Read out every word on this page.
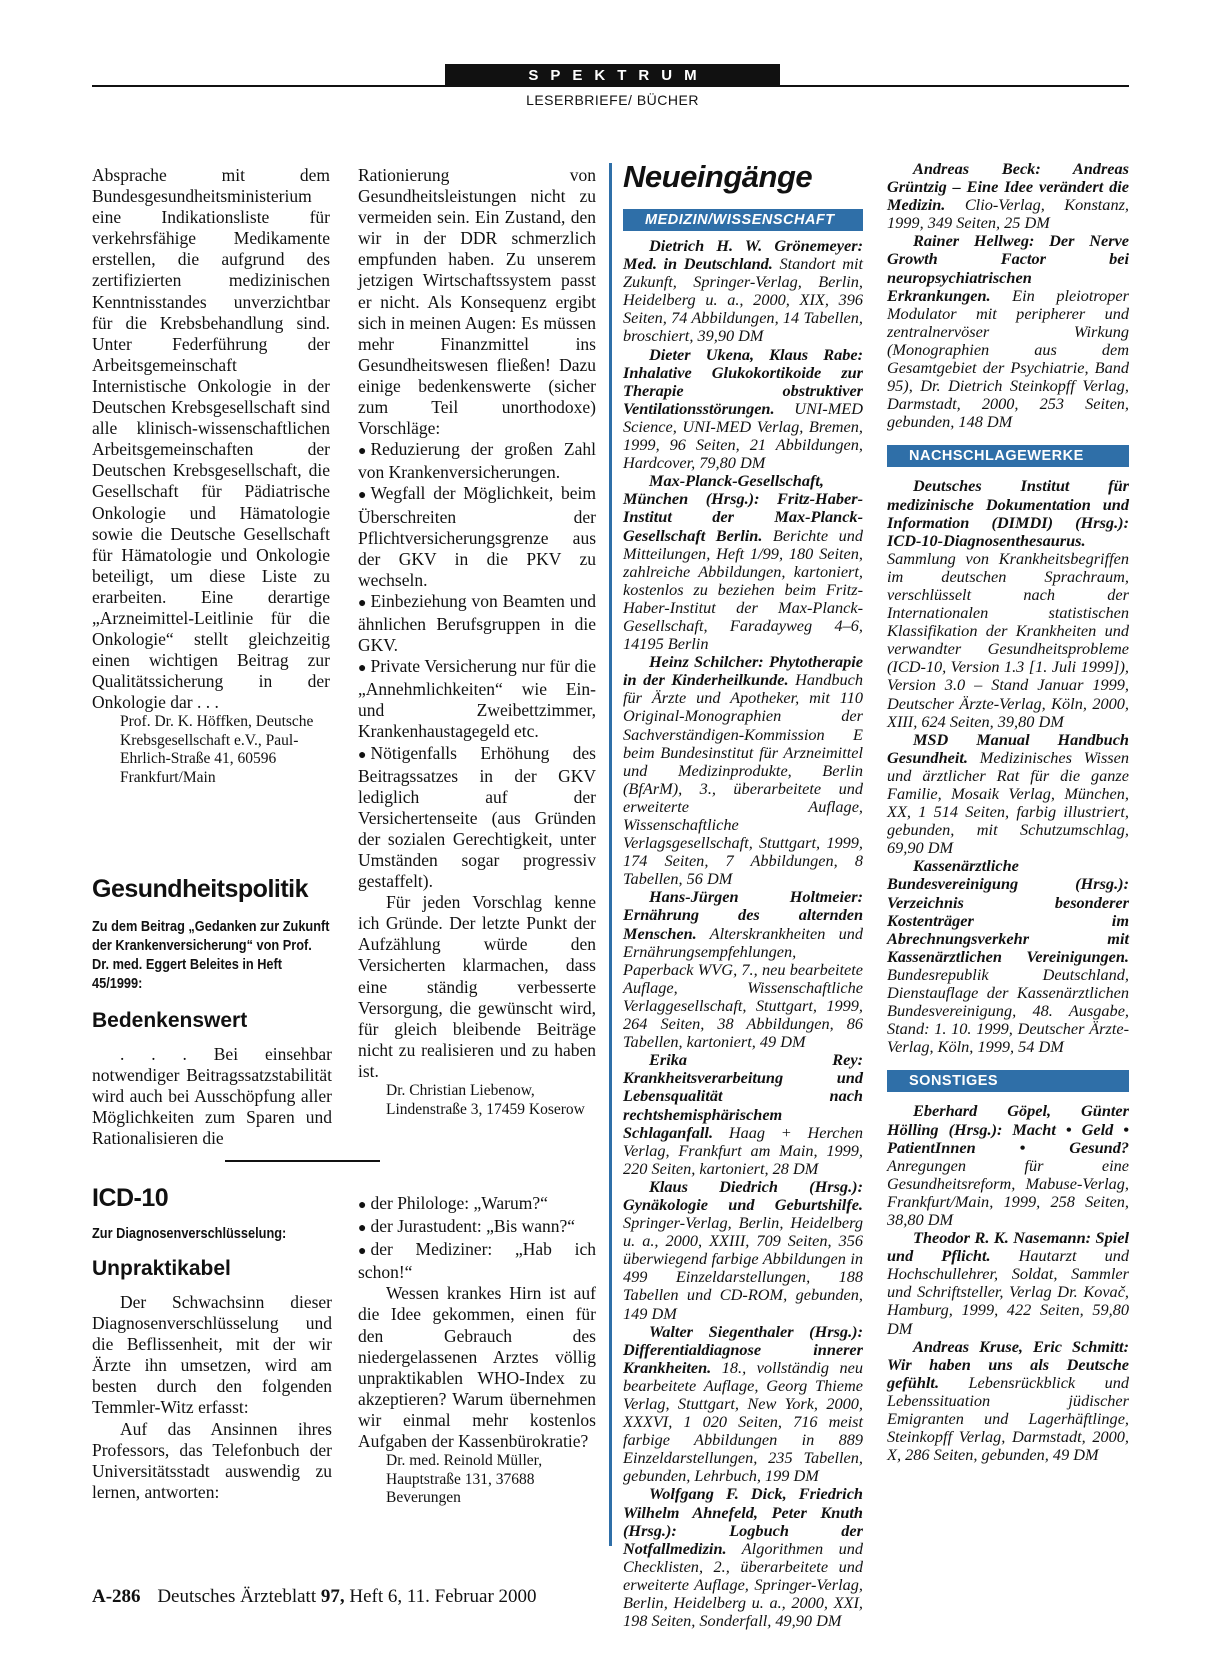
SPEKTRUM
LESERBRIEFE/ BÜCHER

Absprache mit dem Bundesgesundheitsministerium eine Indikationsliste für verkehrsfähige Medikamente erstellen, die aufgrund des zertifizierten medizinischen Kenntnisstandes unverzichtbar für die Krebsbehandlung sind. Unter Federführung der Arbeitsgemeinschaft Internistische Onkologie in der Deutschen Krebsgesellschaft sind alle klinisch-wissenschaftlichen Arbeitsgemeinschaften der Deutschen Krebsgesellschaft, die Gesellschaft für Pädiatrische Onkologie und Hämatologie sowie die Deutsche Gesellschaft für Hämatologie und Onkologie beteiligt, um diese Liste zu erarbeiten. Eine derartige „Arzneimittel-Leitlinie für die Onkologie“ stellt gleichzeitig einen wichtigen Beitrag zur Qualitätssicherung in der Onkologie dar . . .

Prof. Dr. K. Höffken, Deutsche Krebsgesellschaft e.V., Paul-Ehrlich-Straße 41, 60596 Frankfurt/Main

Gesundheitspolitik
Zu dem Beitrag „Gedanken zur Zukunft der Krankenversicherung“ von Prof. Dr. med. Eggert Beleites in Heft 45/1999:
Bedenkenswert

. . . Bei einsehbar notwendiger Beitragssatzstabilität wird auch bei Ausschöpfung aller Möglichkeiten zum Sparen und Rationalisieren die

Rationierung von Gesundheitsleistungen nicht zu vermeiden sein. Ein Zustand, den wir in der DDR schmerzlich empfunden haben. Zu unserem jetzigen Wirtschaftssystem passt er nicht. Als Konsequenz ergibt sich in meinen Augen: Es müssen mehr Finanzmittel ins Gesundheitswesen fließen! Dazu einige bedenkenswerte (sicher zum Teil unorthodoxe) Vorschläge:

● Reduzierung der großen Zahl von Krankenversicherungen.

● Wegfall der Möglichkeit, beim Überschreiten der Pflichtversicherungsgrenze aus der GKV in die PKV zu wechseln.

● Einbeziehung von Beamten und ähnlichen Berufsgruppen in die GKV.

● Private Versicherung nur für die „Annehmlichkeiten“ wie Ein- und Zweibettzimmer, Krankenhaustagegeld etc.

● Nötigenfalls Erhöhung des Beitragssatzes in der GKV lediglich auf der Versichertenseite (aus Gründen der sozialen Gerechtigkeit, unter Umständen sogar progressiv gestaffelt).

Für jeden Vorschlag kenne ich Gründe. Der letzte Punkt der Aufzählung würde den Versicherten klarmachen, dass eine ständig verbesserte Versorgung, die gewünscht wird, für gleich bleibende Beiträge nicht zu realisieren und zu haben ist.

Dr. Christian Liebenow, Lindenstraße 3, 17459 Koserow

ICD-10
Zur Diagnosenverschlüsselung:
Unpraktikabel

Der Schwachsinn dieser Diagnosenverschlüsselung und die Beflissenheit, mit der wir Ärzte ihn umsetzen, wird am besten durch den folgenden Temmler-Witz erfasst:

Auf das Ansinnen ihres Professors, das Telefonbuch der Universitätsstadt auswendig zu lernen, antworten:

● der Philologe: „Warum?“

● der Jurastudent: „Bis wann?“

● der Mediziner: „Hab ich schon!“

Wessen krankes Hirn ist auf die Idee gekommen, einen für den Gebrauch des niedergelassenen Arztes völlig unpraktikablen WHO-Index zu akzeptieren? Warum übernehmen wir einmal mehr kostenlos Aufgaben der Kassenbürokratie?

Dr. med. Reinold Müller, Hauptstraße 131, 37688 Beverungen

Neueingänge
MEDIZIN/WISSENSCHAFT

Dietrich H. W. Grönemeyer: Med. in Deutschland. Standort mit Zukunft, Springer-Verlag, Berlin, Heidelberg u. a., 2000, XIX, 396 Seiten, 74 Abbildungen, 14 Tabellen, broschiert, 39,90 DM

Dieter Ukena, Klaus Rabe: Inhalative Glukokortikoide zur Therapie obstruktiver Ventilationsstörungen. UNI-MED Science, UNI-MED Verlag, Bremen, 1999, 96 Seiten, 21 Abbildungen, Hardcover, 79,80 DM

Max-Planck-Gesellschaft, München (Hrsg.): Fritz-Haber-Institut der Max-Planck-Gesellschaft Berlin. Berichte und Mitteilungen, Heft 1/99, 180 Seiten, zahlreiche Abbildungen, kartoniert, kostenlos zu beziehen beim Fritz-Haber-Institut der Max-Planck-Gesellschaft, Faradayweg 4–6, 14195 Berlin

Heinz Schilcher: Phytotherapie in der Kinderheilkunde. Handbuch für Ärzte und Apotheker, mit 110 Original-Monographien der Sachverständigen-Kommission E beim Bundesinstitut für Arzneimittel und Medizinprodukte, Berlin (BfArM), 3., überarbeitete und erweiterte Auflage, Wissenschaftliche Verlagsgesellschaft, Stuttgart, 1999, 174 Seiten, 7 Abbildungen, 8 Tabellen, 56 DM

Hans-Jürgen Holtmeier: Ernährung des alternden Menschen. Alterskrankheiten und Ernährungsempfehlungen, Paperback WVG, 7., neu bearbeitete Auflage, Wissenschaftliche Verlaggesellschaft, Stuttgart, 1999, 264 Seiten, 38 Abbildungen, 86 Tabellen, kartoniert, 49 DM

Erika Rey: Krankheitsverarbeitung und Lebensqualität nach rechtshemisphärischem Schlaganfall. Haag + Herchen Verlag, Frankfurt am Main, 1999, 220 Seiten, kartoniert, 28 DM

Klaus Diedrich (Hrsg.): Gynäkologie und Geburtshilfe. Springer-Verlag, Berlin, Heidelberg u. a., 2000, XXIII, 709 Seiten, 356 überwiegend farbige Abbildungen in 499 Einzeldarstellungen, 188 Tabellen und CD-ROM, gebunden, 149 DM

Walter Siegenthaler (Hrsg.): Differentialdiagnose innerer Krankheiten. 18., vollständig neu bearbeitete Auflage, Georg Thieme Verlag, Stuttgart, New York, 2000, XXXVI, 1 020 Seiten, 716 meist farbige Abbildungen in 889 Einzeldarstellungen, 235 Tabellen, gebunden, Lehrbuch, 199 DM

Wolfgang F. Dick, Friedrich Wilhelm Ahnefeld, Peter Knuth (Hrsg.): Logbuch der Notfallmedizin. Algorithmen und Checklisten, 2., überarbeitete und erweiterte Auflage, Springer-Verlag, Berlin, Heidelberg u. a., 2000, XXI, 198 Seiten, Sonderfall, 49,90 DM

Andreas Beck: Andreas Grüntzig – Eine Idee verändert die Medizin. Clio-Verlag, Konstanz, 1999, 349 Seiten, 25 DM

Rainer Hellweg: Der Nerve Growth Factor bei neuropsychiatrischen Erkrankungen. Ein pleiotroper Modulator mit peripherer und zentralnervöser Wirkung (Monographien aus dem Gesamtgebiet der Psychiatrie, Band 95), Dr. Dietrich Steinkopff Verlag, Darmstadt, 2000, 253 Seiten, gebunden, 148 DM

NACHSCHLAGEWERKE

Deutsches Institut für medizinische Dokumentation und Information (DIMDI) (Hrsg.): ICD-10-Diagnosenthesaurus. Sammlung von Krankheitsbegriffen im deutschen Sprachraum, verschlüsselt nach der Internationalen statistischen Klassifikation der Krankheiten und verwandter Gesundheitsprobleme (ICD-10, Version 1.3 [1. Juli 1999]), Version 3.0 – Stand Januar 1999, Deutscher Ärzte-Verlag, Köln, 2000, XIII, 624 Seiten, 39,80 DM

MSD Manual Handbuch Gesundheit. Medizinisches Wissen und ärztlicher Rat für die ganze Familie, Mosaik Verlag, München, XX, 1 514 Seiten, farbig illustriert, gebunden, mit Schutzumschlag, 69,90 DM

Kassenärztliche Bundesvereinigung (Hrsg.): Verzeichnis besonderer Kostenträger im Abrechnungsverkehr mit Kassenärztlichen Vereinigungen. Bundesrepublik Deutschland, Dienstauflage der Kassenärztlichen Bundesvereinigung, 48. Ausgabe, Stand: 1. 10. 1999, Deutscher Ärzte-Verlag, Köln, 1999, 54 DM

SONSTIGES

Eberhard Göpel, Günter Hölling (Hrsg.): Macht • Geld • PatientInnen • Gesund? Anregungen für eine Gesundheitsreform, Mabuse-Verlag, Frankfurt/Main, 1999, 258 Seiten, 38,80 DM

Theodor R. K. Nasemann: Spiel und Pflicht. Hautarzt und Hochschullehrer, Soldat, Sammler und Schriftsteller, Verlag Dr. Kovač, Hamburg, 1999, 422 Seiten, 59,80 DM

Andreas Kruse, Eric Schmitt: Wir haben uns als Deutsche gefühlt. Lebensrückblick und Lebenssituation jüdischer Emigranten und Lagerhäftlinge, Steinkopff Verlag, Darmstadt, 2000, X, 286 Seiten, gebunden, 49 DM

A-286 Deutsches Ärzteblatt 97, Heft 6, 11. Februar 2000
